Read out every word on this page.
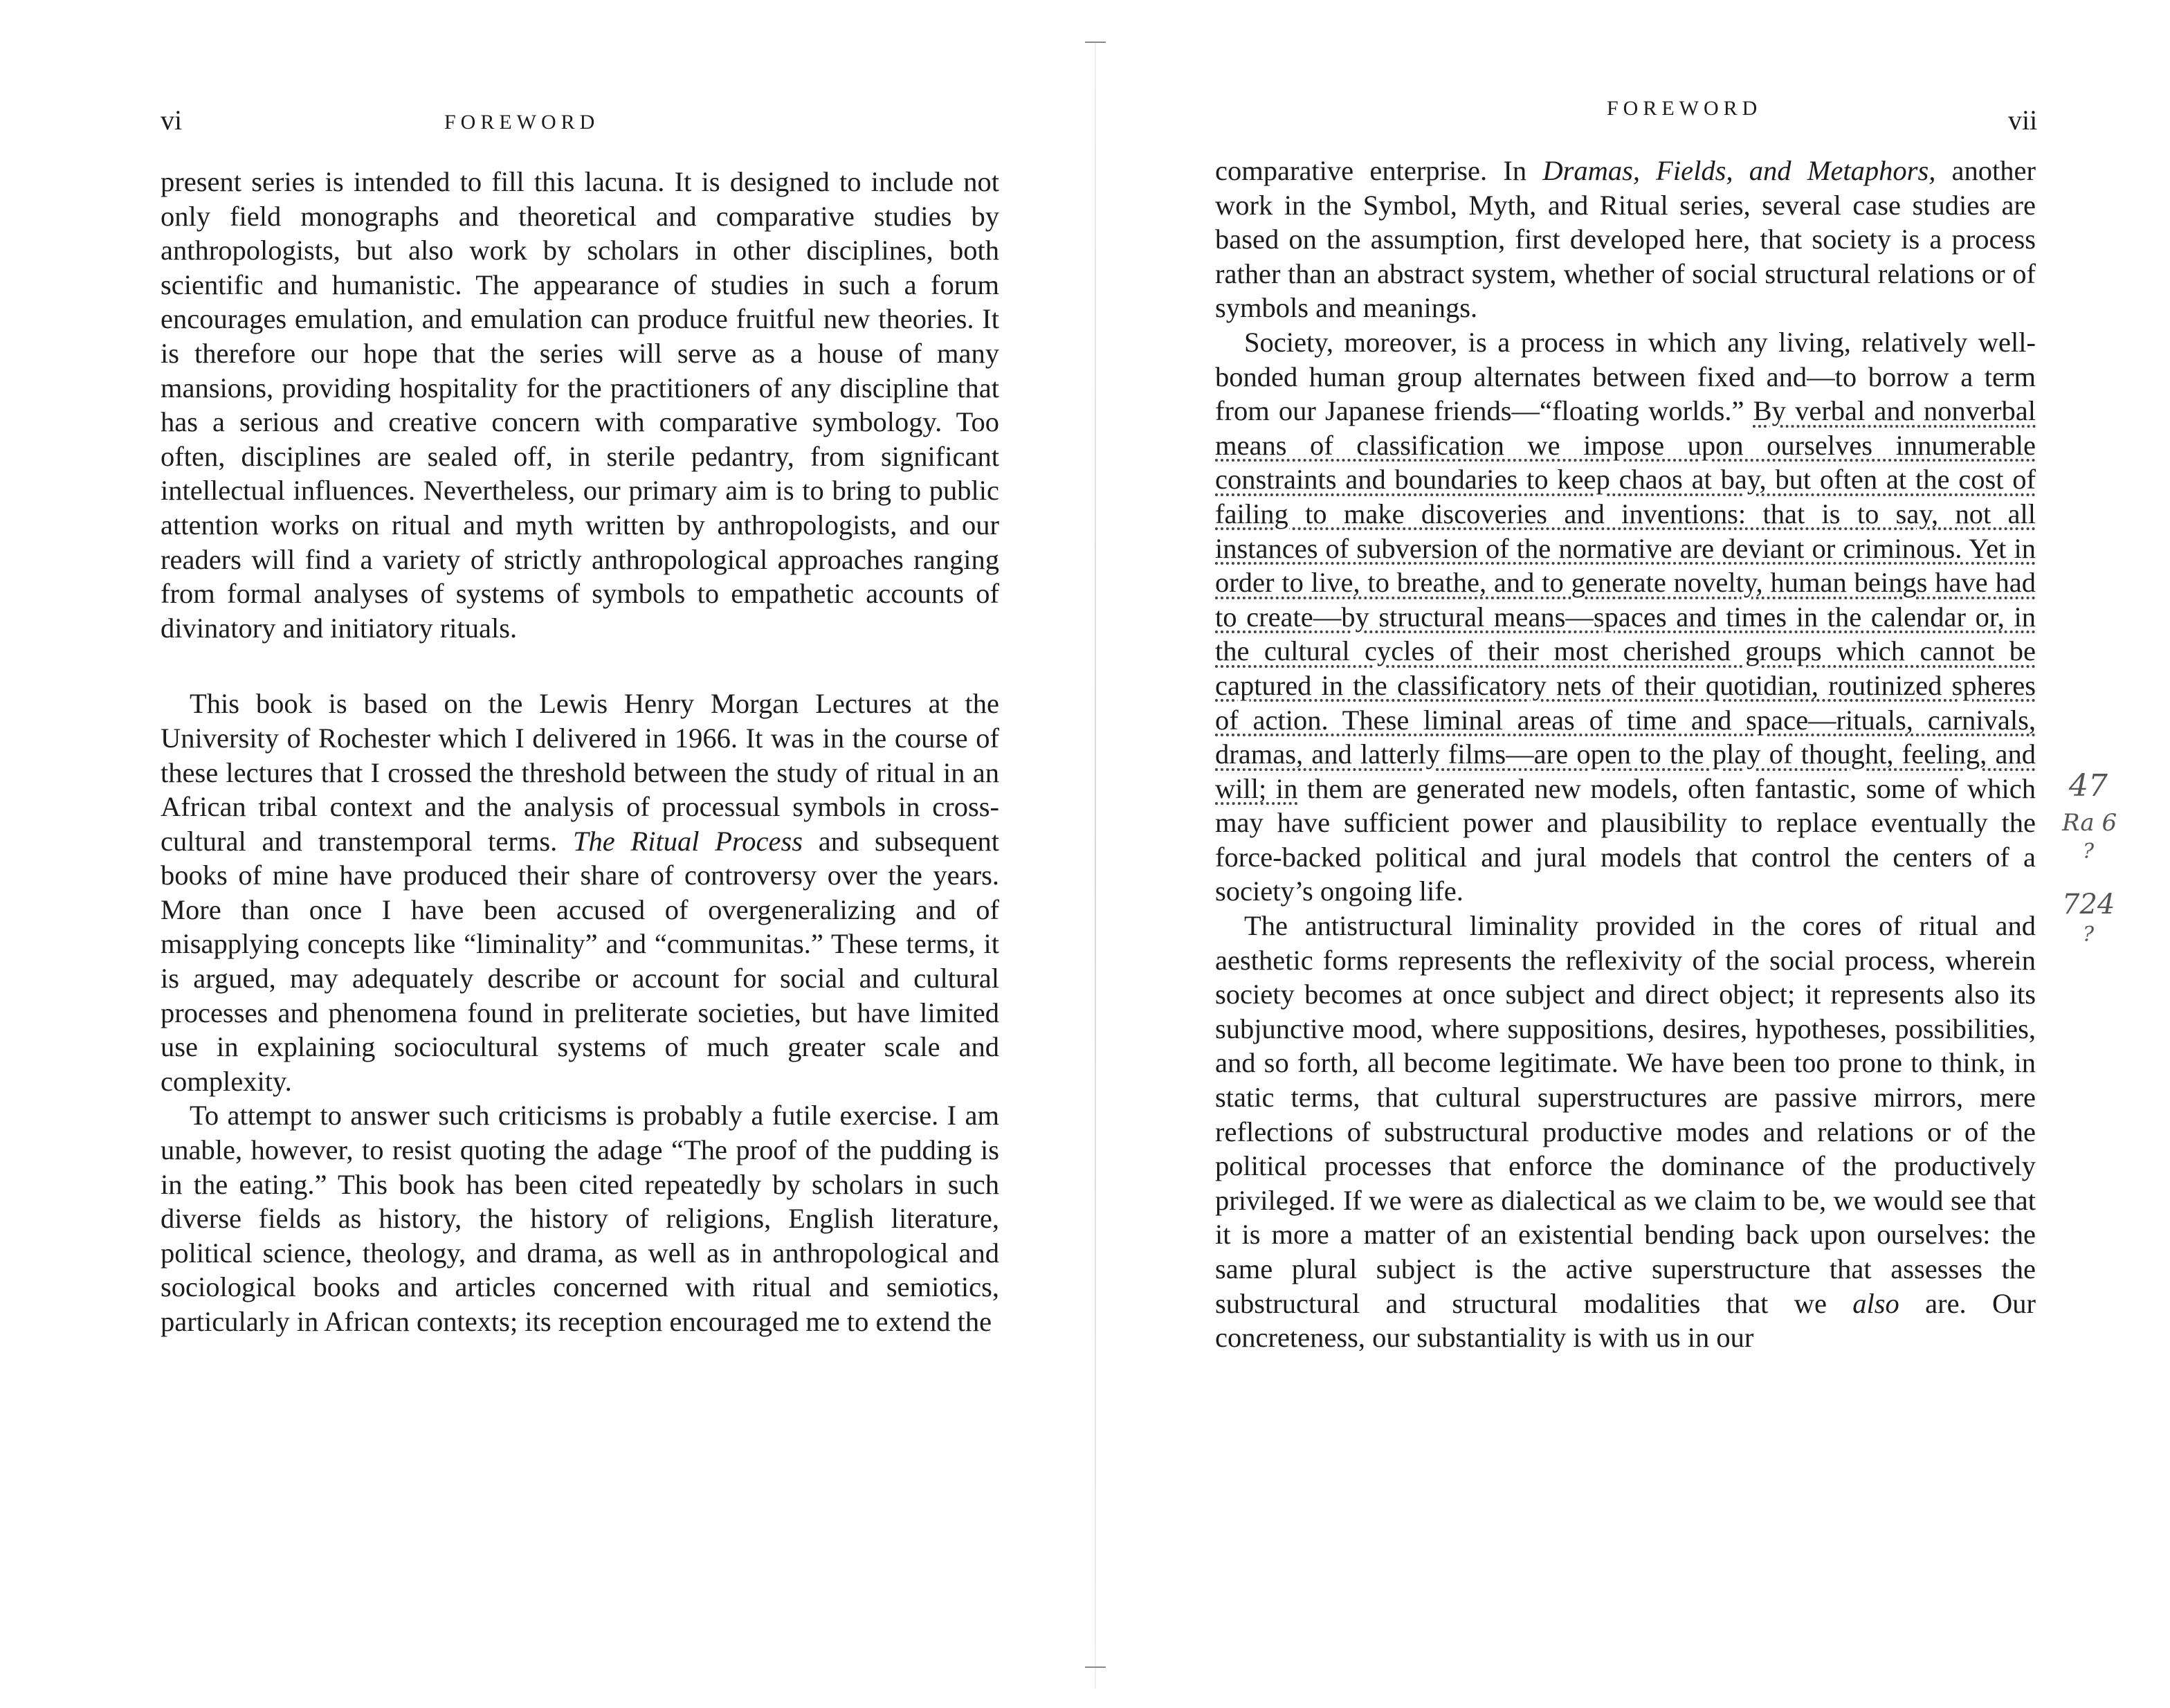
vi	FOREWORD

present series is intended to fill this lacuna. It is designed to include not only field monographs and theoretical and comparative studies by anthropologists, but also work by scholars in other disciplines, both scientific and humanistic. The appearance of studies in such a forum encourages emulation, and emulation can produce fruitful new theories. It is therefore our hope that the series will serve as a house of many mansions, providing hospitality for the practitioners of any discipline that has a serious and creative concern with comparative symbology. Too often, disciplines are sealed off, in sterile pedantry, from significant intellectual influences. Nevertheless, our primary aim is to bring to public attention works on ritual and myth written by anthropologists, and our readers will find a variety of strictly anthropological approaches ranging from formal analyses of systems of symbols to empathetic accounts of divinatory and initiatory rituals.

This book is based on the Lewis Henry Morgan Lectures at the University of Rochester which I delivered in 1966. It was in the course of these lectures that I crossed the threshold between the study of ritual in an African tribal context and the analysis of processual symbols in cross-cultural and transtemporal terms. The Ritual Process and subsequent books of mine have produced their share of controversy over the years. More than once I have been accused of overgeneralizing and of misapplying concepts like “liminality” and “communitas.” These terms, it is argued, may adequately describe or account for social and cultural processes and phenomena found in preliterate societies, but have limited use in explaining sociocultural systems of much greater scale and complexity.

To attempt to answer such criticisms is probably a futile exercise. I am unable, however, to resist quoting the adage “The proof of the pudding is in the eating.” This book has been cited repeatedly by scholars in such diverse fields as history, the history of religions, English literature, political science, theology, and drama, as well as in anthropological and sociological books and articles concerned with ritual and semiotics, particularly in African contexts; its reception encouraged me to extend the

vii
FOREWORD

comparative enterprise. In Dramas, Fields, and Metaphors, another work in the Symbol, Myth, and Ritual series, several case studies are based on the assumption, first developed here, that society is a process rather than an abstract system, whether of social structural relations or of symbols and meanings.

Society, moreover, is a process in which any living, relatively well-bonded human group alternates between fixed and—to borrow a term from our Japanese friends—“floating worlds.” By verbal and nonverbal means of classification we impose upon ourselves innumerable constraints and boundaries to keep chaos at bay, but often at the cost of failing to make discoveries and inventions: that is to say, not all instances of subversion of the normative are deviant or criminous. Yet in order to live, to breathe, and to generate novelty, human beings have had to create—by structural means—spaces and times in the calendar or, in the cultural cycles of their most cherished groups which cannot be captured in the classificatory nets of their quotidian, routinized spheres of action. These liminal areas of time and space—rituals, carnivals, dramas, and latterly films—are open to the play of thought, feeling, and will; in them are generated new models, often fantastic, some of which may have sufficient power and plausibility to replace eventually the force-backed political and jural models that control the centers of a society’s ongoing life.

The antistructural liminality provided in the cores of ritual and aesthetic forms represents the reflexivity of the social process, wherein society becomes at once subject and direct object; it represents also its subjunctive mood, where suppositions, desires, hypotheses, possibilities, and so forth, all become legitimate. We have been too prone to think, in static terms, that cultural superstructures are passive mirrors, mere reflections of substructural productive modes and relations or of the political processes that enforce the dominance of the productively privileged. If we were as dialectical as we claim to be, we would see that it is more a matter of an existential bending back upon ourselves: the same plural subject is the active superstructure that assesses the substructural and structural modalities that we also are. Our concreteness, our substantiality is with us in our

47
Ra 6
?
724
?
